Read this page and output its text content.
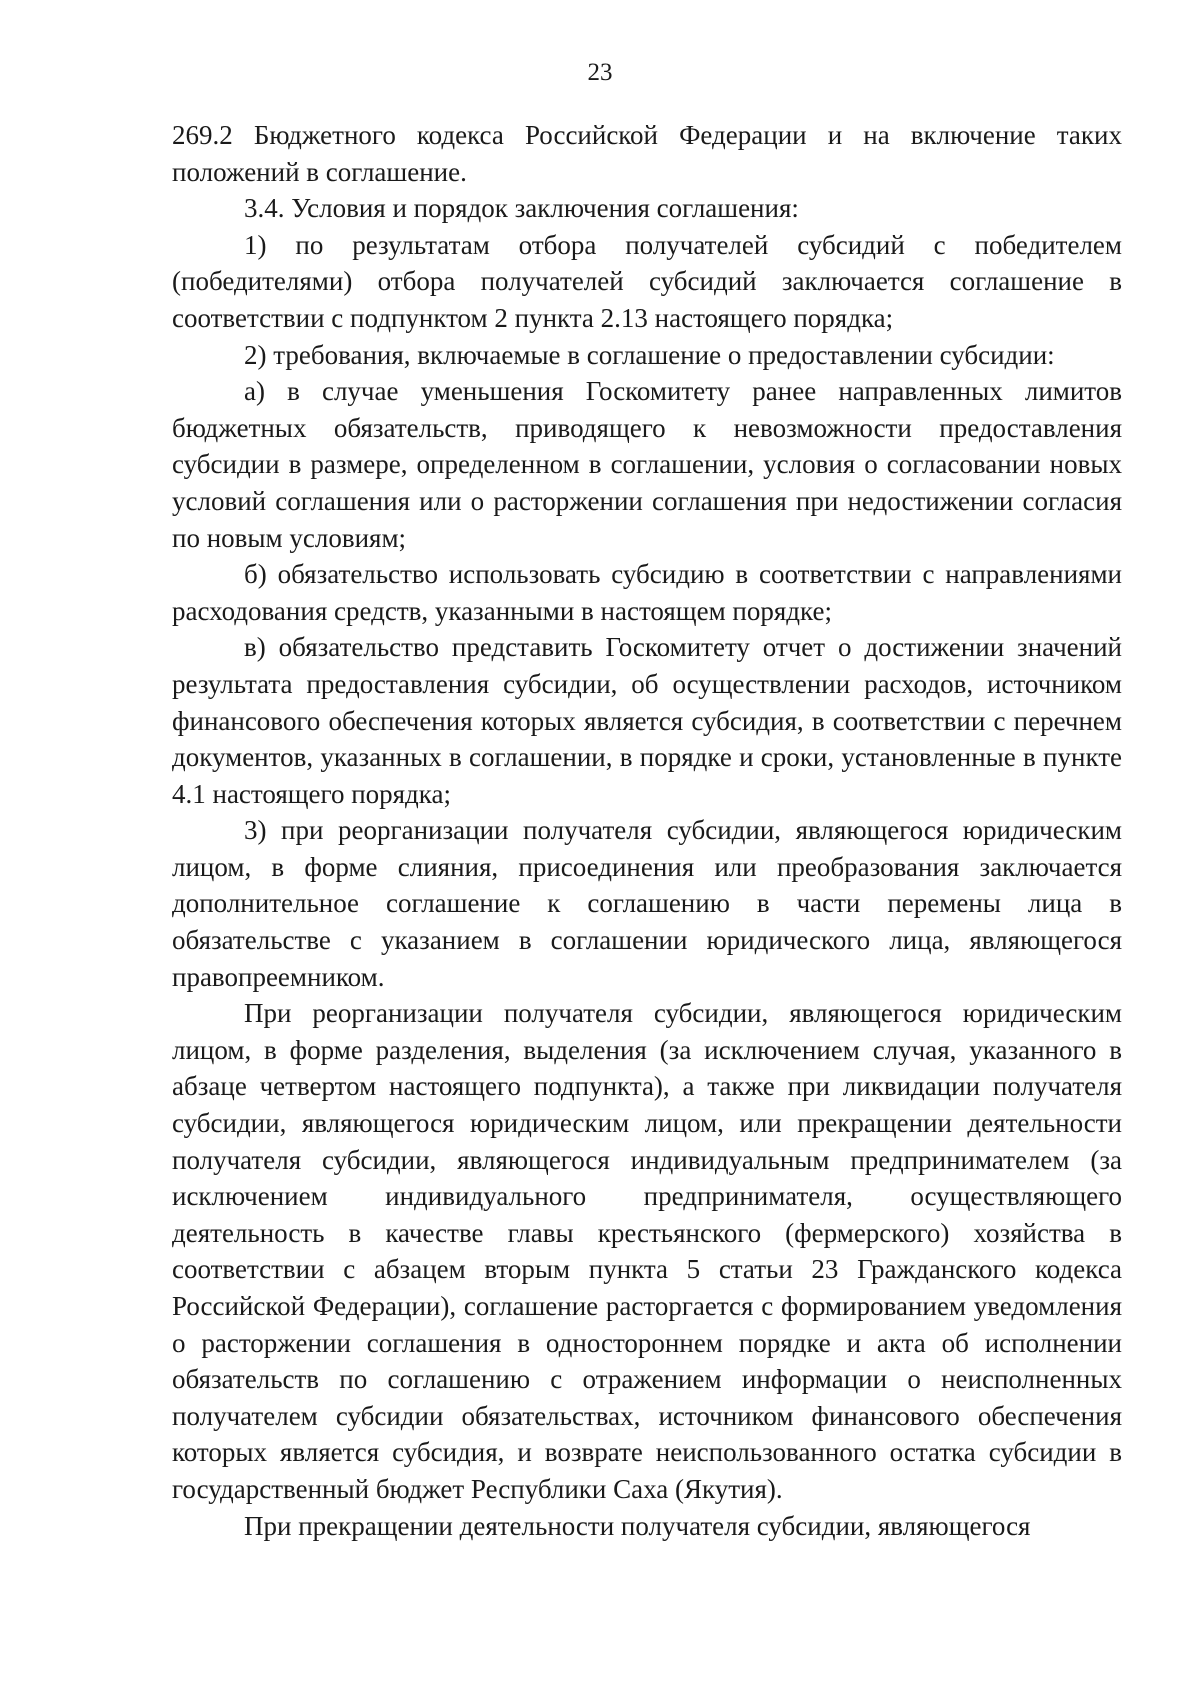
23

269.2 Бюджетного кодекса Российской Федерации и на включение таких положений в соглашение.

3.4. Условия и порядок заключения соглашения:

1) по результатам отбора получателей субсидий с победителем (победителями) отбора получателей субсидий заключается соглашение в соответствии с подпунктом 2 пункта 2.13 настоящего порядка;

2) требования, включаемые в соглашение о предоставлении субсидии:

а) в случае уменьшения Госкомитету ранее направленных лимитов бюджетных обязательств, приводящего к невозможности предоставления субсидии в размере, определенном в соглашении, условия о согласовании новых условий соглашения или о расторжении соглашения при недостижении согласия по новым условиям;

б) обязательство использовать субсидию в соответствии с направлениями расходования средств, указанными в настоящем порядке;

в) обязательство представить Госкомитету отчет о достижении значений результата предоставления субсидии, об осуществлении расходов, источником финансового обеспечения которых является субсидия, в соответствии с перечнем документов, указанных в соглашении, в порядке и сроки, установленные в пункте 4.1 настоящего порядка;

3) при реорганизации получателя субсидии, являющегося юридическим лицом, в форме слияния, присоединения или преобразования заключается дополнительное соглашение к соглашению в части перемены лица в обязательстве с указанием в соглашении юридического лица, являющегося правопреемником.

При реорганизации получателя субсидии, являющегося юридическим лицом, в форме разделения, выделения (за исключением случая, указанного в абзаце четвертом настоящего подпункта), а также при ликвидации получателя субсидии, являющегося юридическим лицом, или прекращении деятельности получателя субсидии, являющегося индивидуальным предпринимателем (за исключением индивидуального предпринимателя, осуществляющего деятельность в качестве главы крестьянского (фермерского) хозяйства в соответствии с абзацем вторым пункта 5 статьи 23 Гражданского кодекса Российской Федерации), соглашение расторгается с формированием уведомления о расторжении соглашения в одностороннем порядке и акта об исполнении обязательств по соглашению с отражением информации о неисполненных получателем субсидии обязательствах, источником финансового обеспечения которых является субсидия, и возврате неиспользованного остатка субсидии в государственный бюджет Республики Саха (Якутия).

При прекращении деятельности получателя субсидии, являющегося
